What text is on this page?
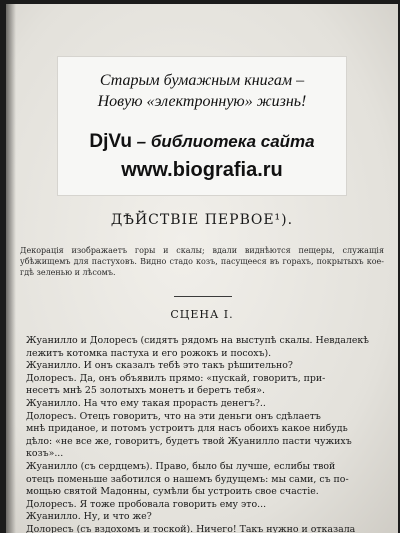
Старым бумажным книгам –
Новую «электронную» жизнь!
DjVu – библиотека сайта
www.biografia.ru
ДѢЙСТВІЕ ПЕРВОЕ¹).
Декорація изображаетъ горы и скалы; вдали виднѣются пещеры, служащія убѣжищемъ для пастуховъ. Видно стадо козъ, пасущееся въ горахъ, покрытыхъ кое-гдѣ зеленью и лѣсомъ.
СЦЕНА I.

Жуанилло и Долоресъ (сидятъ рядомъ на выступѣ скалы. Невдалекѣ

лежитъ котомка пастуха и его рожокъ и посохъ).

Жуанилло. И онъ сказалъ тебѣ это такъ рѣшительно?

Долоресъ. Да, онъ объявилъ прямо: «пускай, говоритъ, при-

несетъ мнѣ 25 золотыхъ монетъ и беретъ тебя».

Жуанилло. На что ему такая прорасть денегъ?..

Долоресъ. Отецъ говоритъ, что на эти деньги онъ сдѣлаетъ

мнѣ приданое, и потомъ устроитъ для насъ обоихъ какое нибудь

дѣло: «не все же, говоритъ, будетъ твой Жуанилло пасти чужихъ

козъ»...

Жуанилло (съ сердцемъ). Право, было бы лучше, еслибы твой

отецъ поменьше заботился о нашемъ будущемъ: мы сами, съ по-

мощью святой Мадонны, сумѣли бы устроить свое счастіе.

Долоресъ. Я тоже пробовала говорить ему это...

Жуанилло. Ну, и что же?

Долоресъ (съ вздохомъ и тоской). Ничего! Такъ нужно и отказала
